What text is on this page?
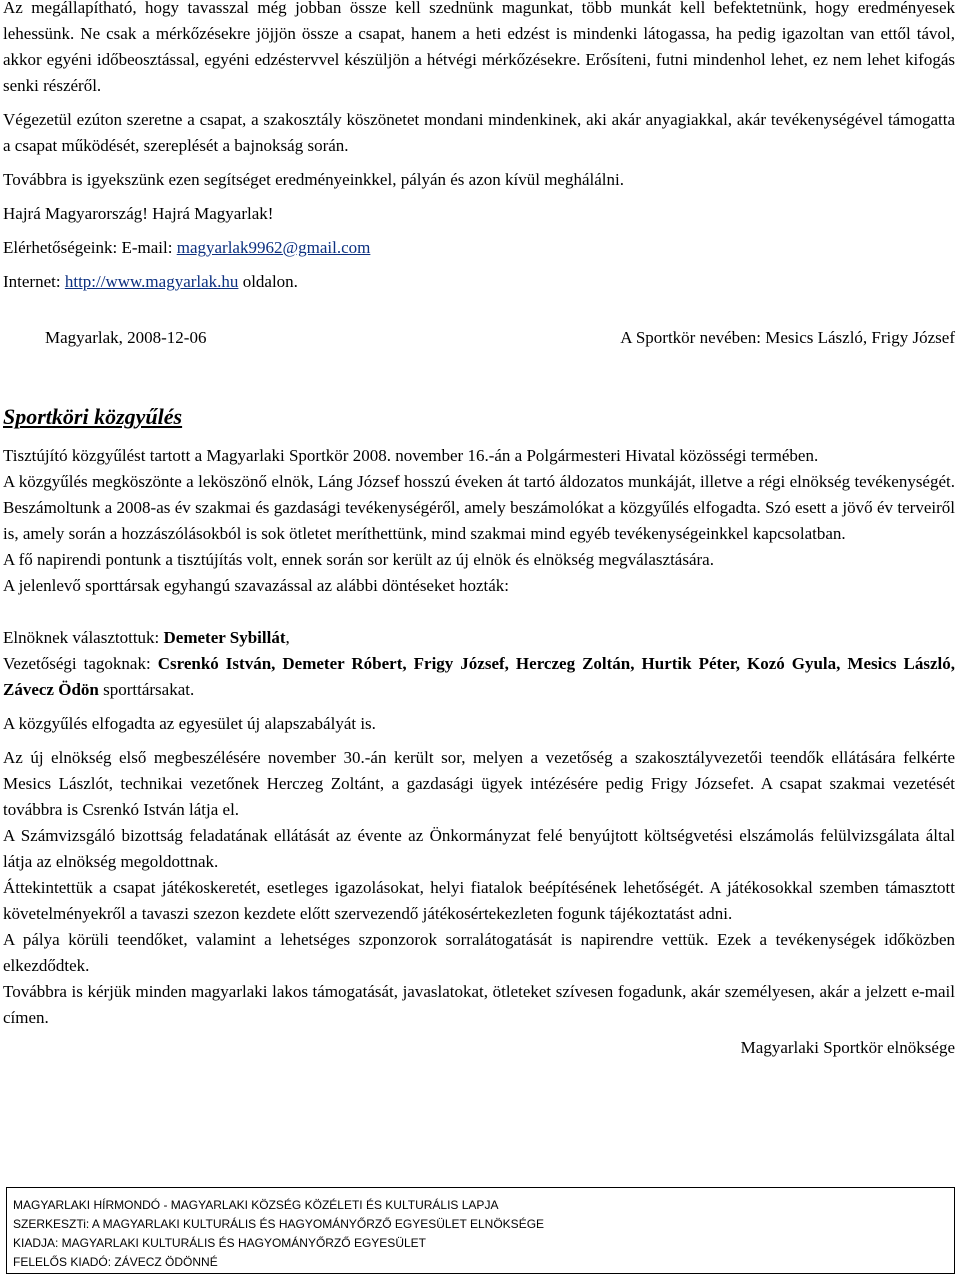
Az megállapítható, hogy tavasszal még jobban össze kell szednünk magunkat, több munkát kell befektetnünk, hogy eredményesek lehessünk. Ne csak a mérkőzésekre jöjjön össze a csapat, hanem a heti edzést is mindenki látogassa, ha pedig igazoltan van ettől távol, akkor egyéni időbeosztással, egyéni edzéstervvel készüljön a hétvégi mérkőzésekre. Erősíteni, futni mindenhol lehet, ez nem lehet kifogás senki részéről.

Végezetül ezúton szeretne a csapat, a szakosztály köszönetet mondani mindenkinek, aki akár anyagiakkal, akár tevékenységével támogatta a csapat működését, szereplését a bajnokság során.

Továbbra is igyekszünk ezen segítséget eredményeinkkel, pályán és azon kívül meghálálni.

Hajrá Magyarország! Hajrá Magyarlak!

Elérhetőségeink: E-mail: magyarlak9962@gmail.com

Internet: http://www.magyarlak.hu oldalon.

Magyarlak, 2008-12-06	A Sportkör nevében: Mesics László, Frigy József
Sportköri közgyűlés

Tisztújító közgyűlést tartott a Magyarlaki Sportkör 2008. november 16.-án a Polgármesteri Hivatal közösségi termében.

A közgyűlés megköszönte a leköszönő elnök, Láng József hosszú éveken át tartó áldozatos munkáját, illetve a régi elnökség tevékenységét. Beszámoltunk a 2008-as év szakmai és gazdasági tevékenységéről, amely beszámolókat a közgyűlés elfogadta. Szó esett a jövő év terveiről is, amely során a hozzászólásokból is sok ötletet meríthettünk, mind szakmai mind egyéb tevékenységeinkkel kapcsolatban.

A fő napirendi pontunk a tisztújítás volt, ennek során sor került az új elnök és elnökség megválasztására.

A jelenlevő sporttársak egyhangú szavazással az alábbi döntéseket hozták:

Elnöknek választottuk: Demeter Sybillát,

Vezetőségi tagoknak: Csrenkó István, Demeter Róbert, Frigy József, Herczeg Zoltán, Hurtik Péter, Kozó Gyula, Mesics László, Závecz Ödön sporttársakat.

A közgyűlés elfogadta az egyesület új alapszabályát is.

Az új elnökség első megbeszélésére november 30.-án került sor, melyen a vezetőség a szakosztályvezetői teendők ellátására felkérte Mesics Lászlót, technikai vezetőnek Herczeg Zoltánt, a gazdasági ügyek intézésére pedig Frigy Józsefet. A csapat szakmai vezetését továbbra is Csrenkó István látja el.

A Számvizsgáló bizottság feladatának ellátását az évente az Önkormányzat felé benyújtott költségvetési elszámolás felülvizsgálata által látja az elnökség megoldottnak.

Áttekintettük a csapat játékoskeretét, esetleges igazolásokat, helyi fiatalok beépítésének lehetőségét. A játékosokkal szemben támasztott követelményekről a tavaszi szezon kezdete előtt szervezendő játékosértekezleten fogunk tájékoztatást adni.

A pálya körüli teendőket, valamint a lehetséges szponzorok sorralátogatását is napirendre vettük. Ezek a tevékenységek időközben elkezdődtek.

Továbbra is kérjük minden magyarlaki lakos támogatását, javaslatokat, ötleteket szívesen fogadunk, akár személyesen, akár a jelzett e-mail címen.

Magyarlaki Sportkör elnöksége

MAGYARLAKI HÍRMONDÓ - MAGYARLAKI KÖZSÉG KÖZÉLETI ÉS KULTURÁLIS LAPJA
SZERKESZTi: A MAGYARLAKI KULTURÁLIS ÉS HAGYOMÁNYŐRZŐ EGYESÜLET ELNÖKSÉGE
KIADJA: MAGYARLAKI KULTURÁLIS ÉS HAGYOMÁNYŐRZŐ EGYESÜLET
FELELŐS KIADÓ: ZÁVECZ ÖDÖNNÉ
